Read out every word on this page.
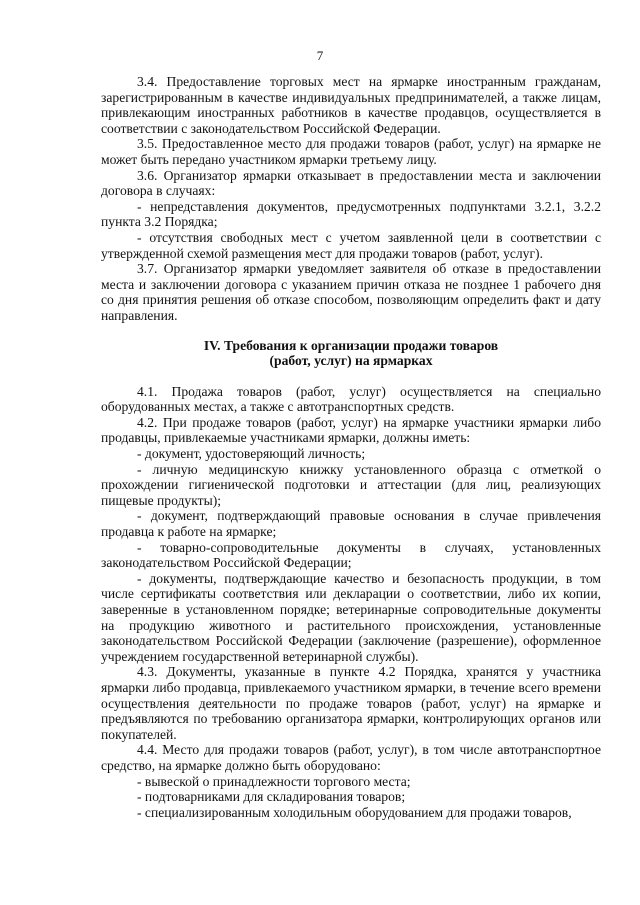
7

3.4. Предоставление торговых мест на ярмарке иностранным гражданам, зарегистрированным в качестве индивидуальных предпринимателей, а также лицам, привлекающим иностранных работников в качестве продавцов, осуществляется в соответствии с законодательством Российской Федерации.

3.5. Предоставленное место для продажи товаров (работ, услуг) на ярмарке не может быть передано участником ярмарки третьему лицу.

3.6. Организатор ярмарки отказывает в предоставлении места и заключении договора в случаях:

- непредставления документов, предусмотренных подпунктами 3.2.1, 3.2.2 пункта 3.2 Порядка;

- отсутствия свободных мест с учетом заявленной цели в соответствии с утвержденной схемой размещения мест для продажи товаров (работ, услуг).

3.7. Организатор ярмарки уведомляет заявителя об отказе в предоставлении места и заключении договора с указанием причин отказа не позднее 1 рабочего дня со дня принятия решения об отказе способом, позволяющим определить факт и дату направления.

IV. Требования к организации продажи товаров
(работ, услуг) на ярмарках

4.1. Продажа товаров (работ, услуг) осуществляется на специально оборудованных местах, а также с автотранспортных средств.

4.2. При продаже товаров (работ, услуг) на ярмарке участники ярмарки либо продавцы, привлекаемые участниками ярмарки, должны иметь:

- документ, удостоверяющий личность;

- личную медицинскую книжку установленного образца с отметкой о прохождении гигиенической подготовки и аттестации (для лиц, реализующих пищевые продукты);

- документ, подтверждающий правовые основания в случае привлечения продавца к работе на ярмарке;

- товарно-сопроводительные документы в случаях, установленных законодательством Российской Федерации;

- документы, подтверждающие качество и безопасность продукции, в том числе сертификаты соответствия или декларации о соответствии, либо их копии, заверенные в установленном порядке; ветеринарные сопроводительные документы на продукцию животного и растительного происхождения, установленные законодательством Российской Федерации (заключение (разрешение), оформленное учреждением государственной ветеринарной службы).

4.3. Документы, указанные в пункте 4.2 Порядка, хранятся у участника ярмарки либо продавца, привлекаемого участником ярмарки, в течение всего времени осуществления деятельности по продаже товаров (работ, услуг) на ярмарке и предъявляются по требованию организатора ярмарки, контролирующих органов или покупателей.

4.4. Место для продажи товаров (работ, услуг), в том числе автотранспортное средство, на ярмарке должно быть оборудовано:

- вывеской о принадлежности торгового места;

- подтоварниками для складирования товаров;

- специализированным холодильным оборудованием для продажи товаров,
